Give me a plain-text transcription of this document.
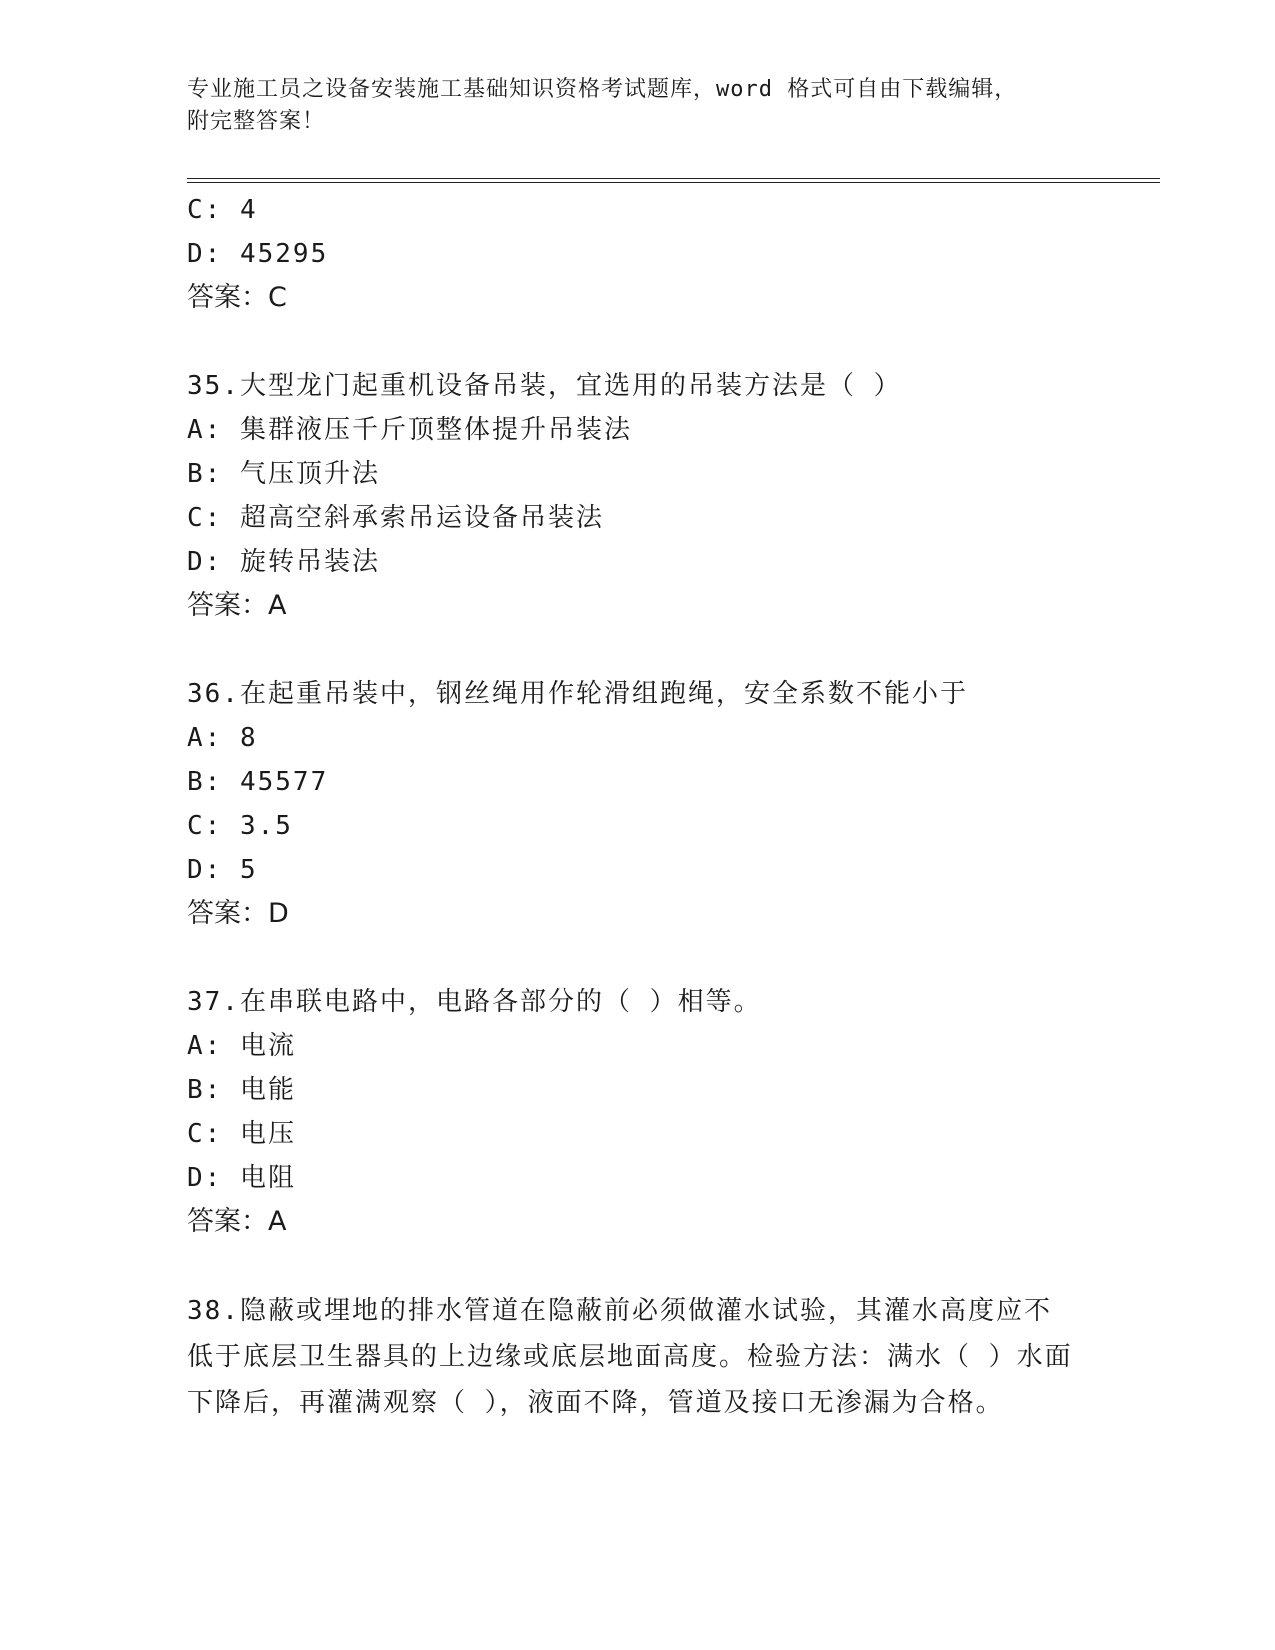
专业施工员之设备安装施工基础知识资格考试题库，word 格式可自由下载编辑，
附完整答案！
C: 4
D: 45295
答案：C
35.大型龙门起重机设备吊装，宜选用的吊装方法是（ ）
A: 集群液压千斤顶整体提升吊装法
B: 气压顶升法
C: 超高空斜承索吊运设备吊装法
D: 旋转吊装法
答案：A
36.在起重吊装中，钢丝绳用作轮滑组跑绳，安全系数不能小于
A: 8
B: 45577
C: 3.5
D: 5
答案：D
37.在串联电路中，电路各部分的（ ）相等。
A: 电流
B: 电能
C: 电压
D: 电阻
答案：A
38.隐蔽或埋地的排水管道在隐蔽前必须做灌水试验，其灌水高度应不低于底层卫生器具的上边缘或底层地面高度。检验方法：满水（ ）水面下降后，再灌满观察（ ），液面不降，管道及接口无渗漏为合格。
